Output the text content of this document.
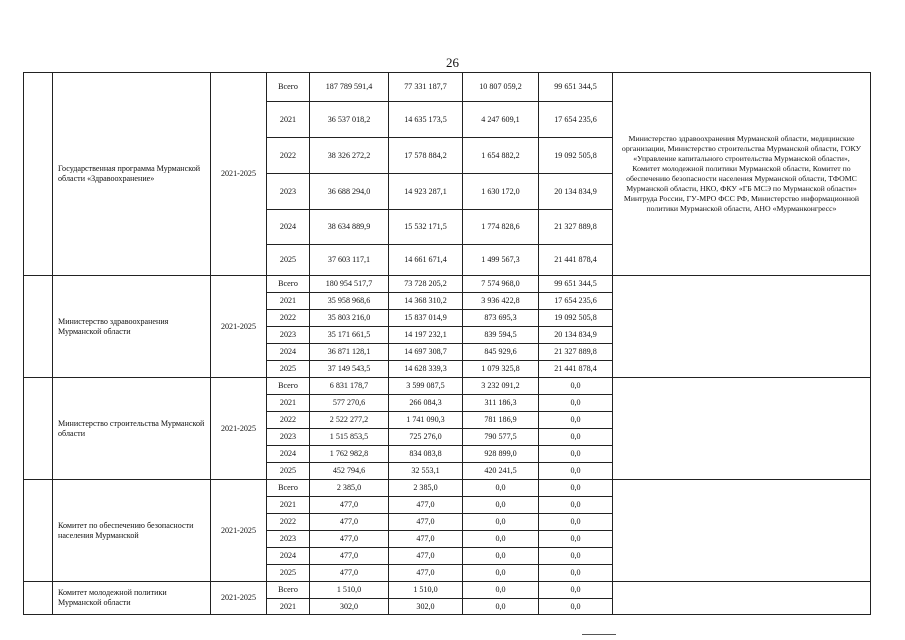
26
	Государственная программа Мурманской области «Здравоохранение»	2021-2025	Всего	187 789 591,4	77 331 187,7	10 807 059,2	99 651 344,5	Министерство здравоохранения Мурманской области, медицинские организации, Министерство строительства Мурманской области, ГОКУ «Управление капитального строительства Мурманской области», Комитет молодежной политики Мурманской области, Комитет по обеспечению безопасности населения Мурманской области, ТФОМС Мурманской области, НКО, ФКУ «ГБ МСЭ по Мурманской области» Минтруда России, ГУ-МРО ФСС РФ, Министерство информационной политики Мурманской области, АНО «Мурманконгресс»
			2021	36 537 018,2	14 635 173,5	4 247 609,1	17 654 235,6	
			2022	38 326 272,2	17 578 884,2	1 654 882,2	19 092 505,8	
			2023	36 688 294,0	14 923 287,1	1 630 172,0	20 134 834,9	
			2024	38 634 889,9	15 532 171,5	1 774 828,6	21 327 889,8	
			2025	37 603 117,1	14 661 671,4	1 499 567,3	21 441 878,4	
	Министерство здравоохранения Мурманской области	2021-2025	Всего	180 954 517,7	73 728 205,2	7 574 968,0	99 651 344,5	
			2021	35 958 968,6	14 368 310,2	3 936 422,8	17 654 235,6	
			2022	35 803 216,0	15 837 014,9	873 695,3	19 092 505,8	
			2023	35 171 661,5	14 197 232,1	839 594,5	20 134 834,9	
			2024	36 871 128,1	14 697 308,7	845 929,6	21 327 889,8	
			2025	37 149 543,5	14 628 339,3	1 079 325,8	21 441 878,4	
	Министерство строительства Мурманской области	2021-2025	Всего	6 831 178,7	3 599 087,5	3 232 091,2	0,0	
			2021	577 270,6	266 084,3	311 186,3	0,0	
			2022	2 522 277,2	1 741 090,3	781 186,9	0,0	
			2023	1 515 853,5	725 276,0	790 577,5	0,0	
			2024	1 762 982,8	834 083,8	928 899,0	0,0	
			2025	452 794,6	32 553,1	420 241,5	0,0	
	Комитет по обеспечению безопасности населения Мурманской	2021-2025	Всего	2 385,0	2 385,0	0,0	0,0	
			2021	477,0	477,0	0,0	0,0	
			2022	477,0	477,0	0,0	0,0	
			2023	477,0	477,0	0,0	0,0	
			2024	477,0	477,0	0,0	0,0	
			2025	477,0	477,0	0,0	0,0	
	Комитет молодежной политики Мурманской области	2021-2025	Всего	1 510,0	1 510,0	0,0	0,0	
			2021	302,0	302,0	0,0	0,0	
